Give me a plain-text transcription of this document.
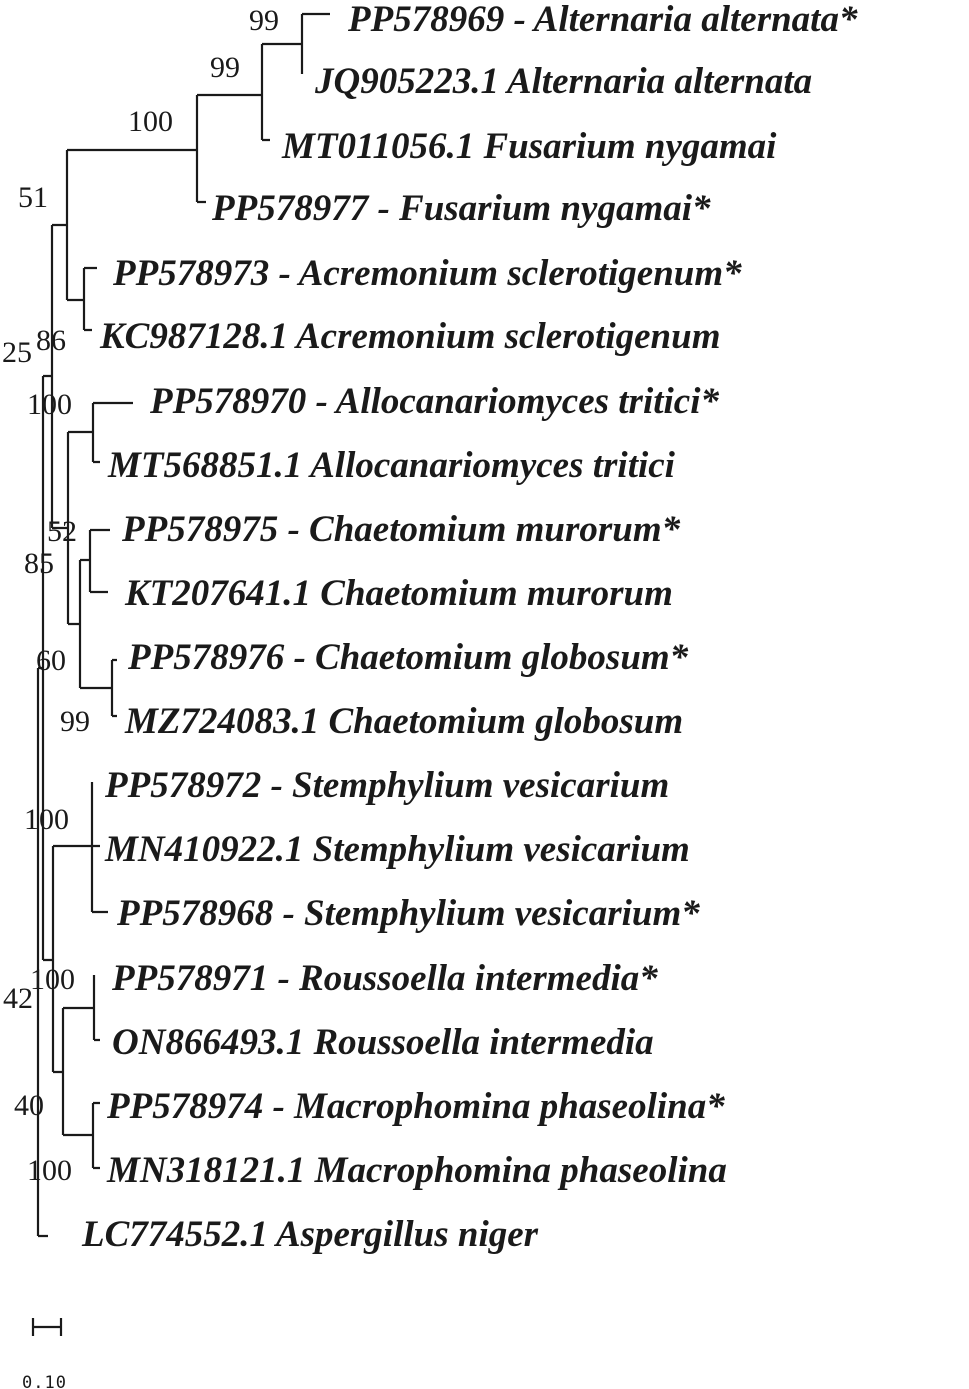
PP578969 - Alternaria alternata*
JQ905223.1 Alternaria alternata
MT011056.1 Fusarium nygamai
PP578977 - Fusarium nygamai*
PP578973 - Acremonium sclerotigenum*
KC987128.1 Acremonium sclerotigenum
PP578970 - Allocanariomyces tritici*
MT568851.1 Allocanariomyces tritici
PP578975 - Chaetomium murorum*
KT207641.1 Chaetomium murorum
PP578976 - Chaetomium globosum*
MZ724083.1 Chaetomium globosum
PP578972 - Stemphylium vesicarium
MN410922.1 Stemphylium vesicarium
PP578968 - Stemphylium vesicarium*
PP578971 - Roussoella intermedia*
ON866493.1 Roussoella intermedia
PP578974 - Macrophomina phaseolina*
MN318121.1 Macrophomina phaseolina
LC774552.1 Aspergillus niger
99
99
100
51
86
25
100
52
85
60
99
100
100
42
40
100
0.10
